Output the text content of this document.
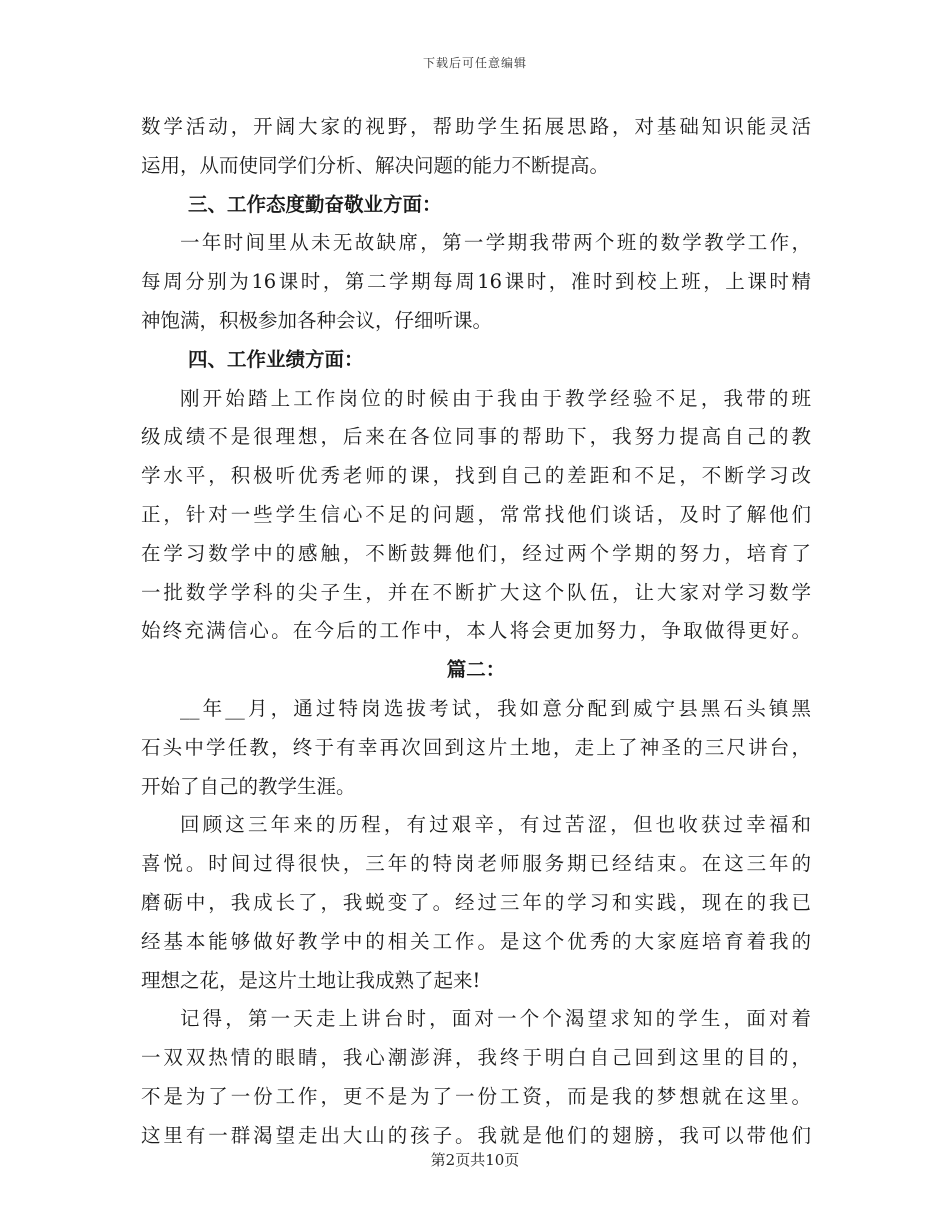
下载后可任意编辑
数学活动，开阔大家的视野，帮助学生拓展思路，对基础知识能灵活
运用，从而使同学们分析、解决问题的能力不断提高。
三、工作态度勤奋敬业方面：
一年时间里从未无故缺席，第一学期我带两个班的数学教学工作，
每周分别为16课时，第二学期每周16课时，准时到校上班，上课时精
神饱满，积极参加各种会议，仔细听课。
四、工作业绩方面：
刚开始踏上工作岗位的时候由于我由于教学经验不足，我带的班
级成绩不是很理想，后来在各位同事的帮助下，我努力提高自己的教
学水平，积极听优秀老师的课，找到自己的差距和不足，不断学习改
正，针对一些学生信心不足的问题，常常找他们谈话，及时了解他们
在学习数学中的感触，不断鼓舞他们，经过两个学期的努力，培育了
一批数学学科的尖子生，并在不断扩大这个队伍，让大家对学习数学
始终充满信心。在今后的工作中，本人将会更加努力，争取做得更好。
篇二：
__年__月，通过特岗选拔考试，我如意分配到威宁县黑石头镇黑
石头中学任教，终于有幸再次回到这片土地，走上了神圣的三尺讲台，
开始了自己的教学生涯。
回顾这三年来的历程，有过艰辛，有过苦涩，但也收获过幸福和
喜悦。时间过得很快，三年的特岗老师服务期已经结束。在这三年的
磨砺中，我成长了，我蜕变了。经过三年的学习和实践，现在的我已
经基本能够做好教学中的相关工作。是这个优秀的大家庭培育着我的
理想之花，是这片土地让我成熟了起来!
记得，第一天走上讲台时，面对一个个渴望求知的学生，面对着
一双双热情的眼睛，我心潮澎湃，我终于明白自己回到这里的目的，
不是为了一份工作，更不是为了一份工资，而是我的梦想就在这里。
这里有一群渴望走出大山的孩子。我就是他们的翅膀，我可以带他们
第2页共10页
